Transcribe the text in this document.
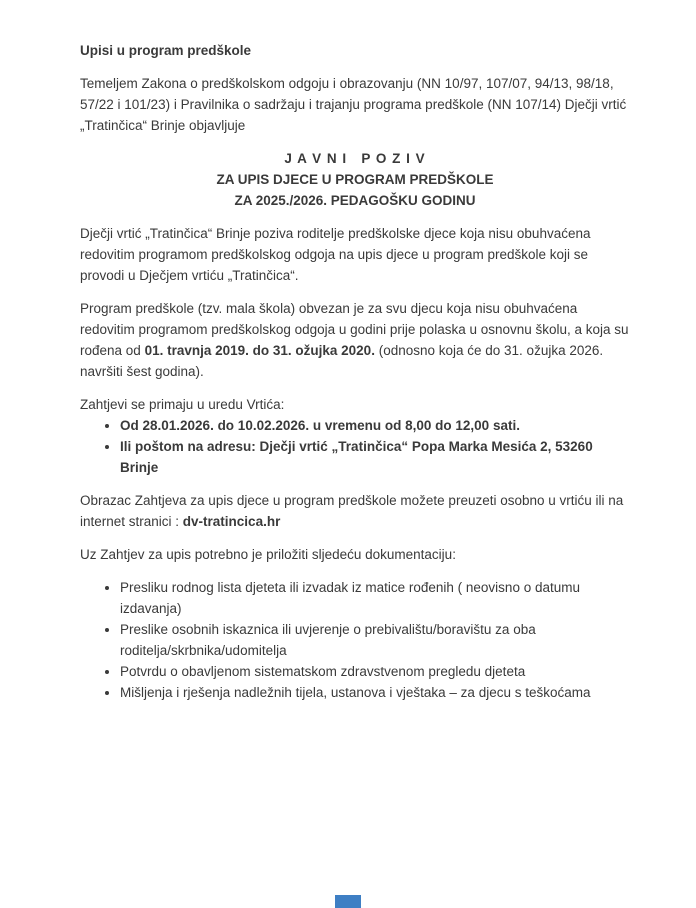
Upisi u program predškole

Temeljem Zakona o predškolskom odgoju i obrazovanju (NN 10/97, 107/07, 94/13, 98/18, 57/22 i 101/23) i Pravilnika o sadržaju i trajanju programa predškole (NN 107/14) Dječji vrtić „Tratinčica“ Brinje objavljuje

J A V N I   P O Z I V
ZA UPIS DJECE U PROGRAM PREDŠKOLE
ZA 2025./2026. PEDAGOŠKU GODINU

Dječji vrtić „Tratinčica“ Brinje poziva roditelje predškolske djece koja nisu obuhvaćena redovitim programom predškolskog odgoja na upis djece u program predškole koji se provodi u Dječjem vrtiću „Tratinčica“.

Program predškole (tzv. mala škola) obvezan je za svu djecu koja nisu obuhvaćena redovitim programom predškolskog odgoja u godini prije polaska u osnovnu školu, a koja su rođena od 01. travnja 2019. do 31. ožujka 2020. (odnosno koja će do 31. ožujka 2026. navršiti šest godina).

Zahtjevi se primaju u uredu Vrtića:

• Od 28.01.2026. do 10.02.2026. u vremenu od 8,00 do 12,00 sati.
• Ili poštom na adresu: Dječji vrtić „Tratinčica“ Popa Marka Mesića 2, 53260 Brinje

Obrazac Zahtjeva za upis djece u program predškole možete preuzeti osobno u vrtiću ili na internet stranici : dv-tratincica.hr

Uz Zahtjev za upis potrebno je priložiti sljedeću dokumentaciju:

• Presliku rodnog lista djeteta ili izvadak iz matice rođenih ( neovisno o datumu izdavanja)
• Preslike osobnih iskaznica ili uvjerenje o prebivalištu/boravištu za oba roditelja/skrbnika/udomitelja
• Potvrdu o obavljenom sistematskom zdravstvenom pregledu djeteta
• Mišljenja i rješenja nadležnih tijela, ustanova i vještaka – za djecu s teškoćama
